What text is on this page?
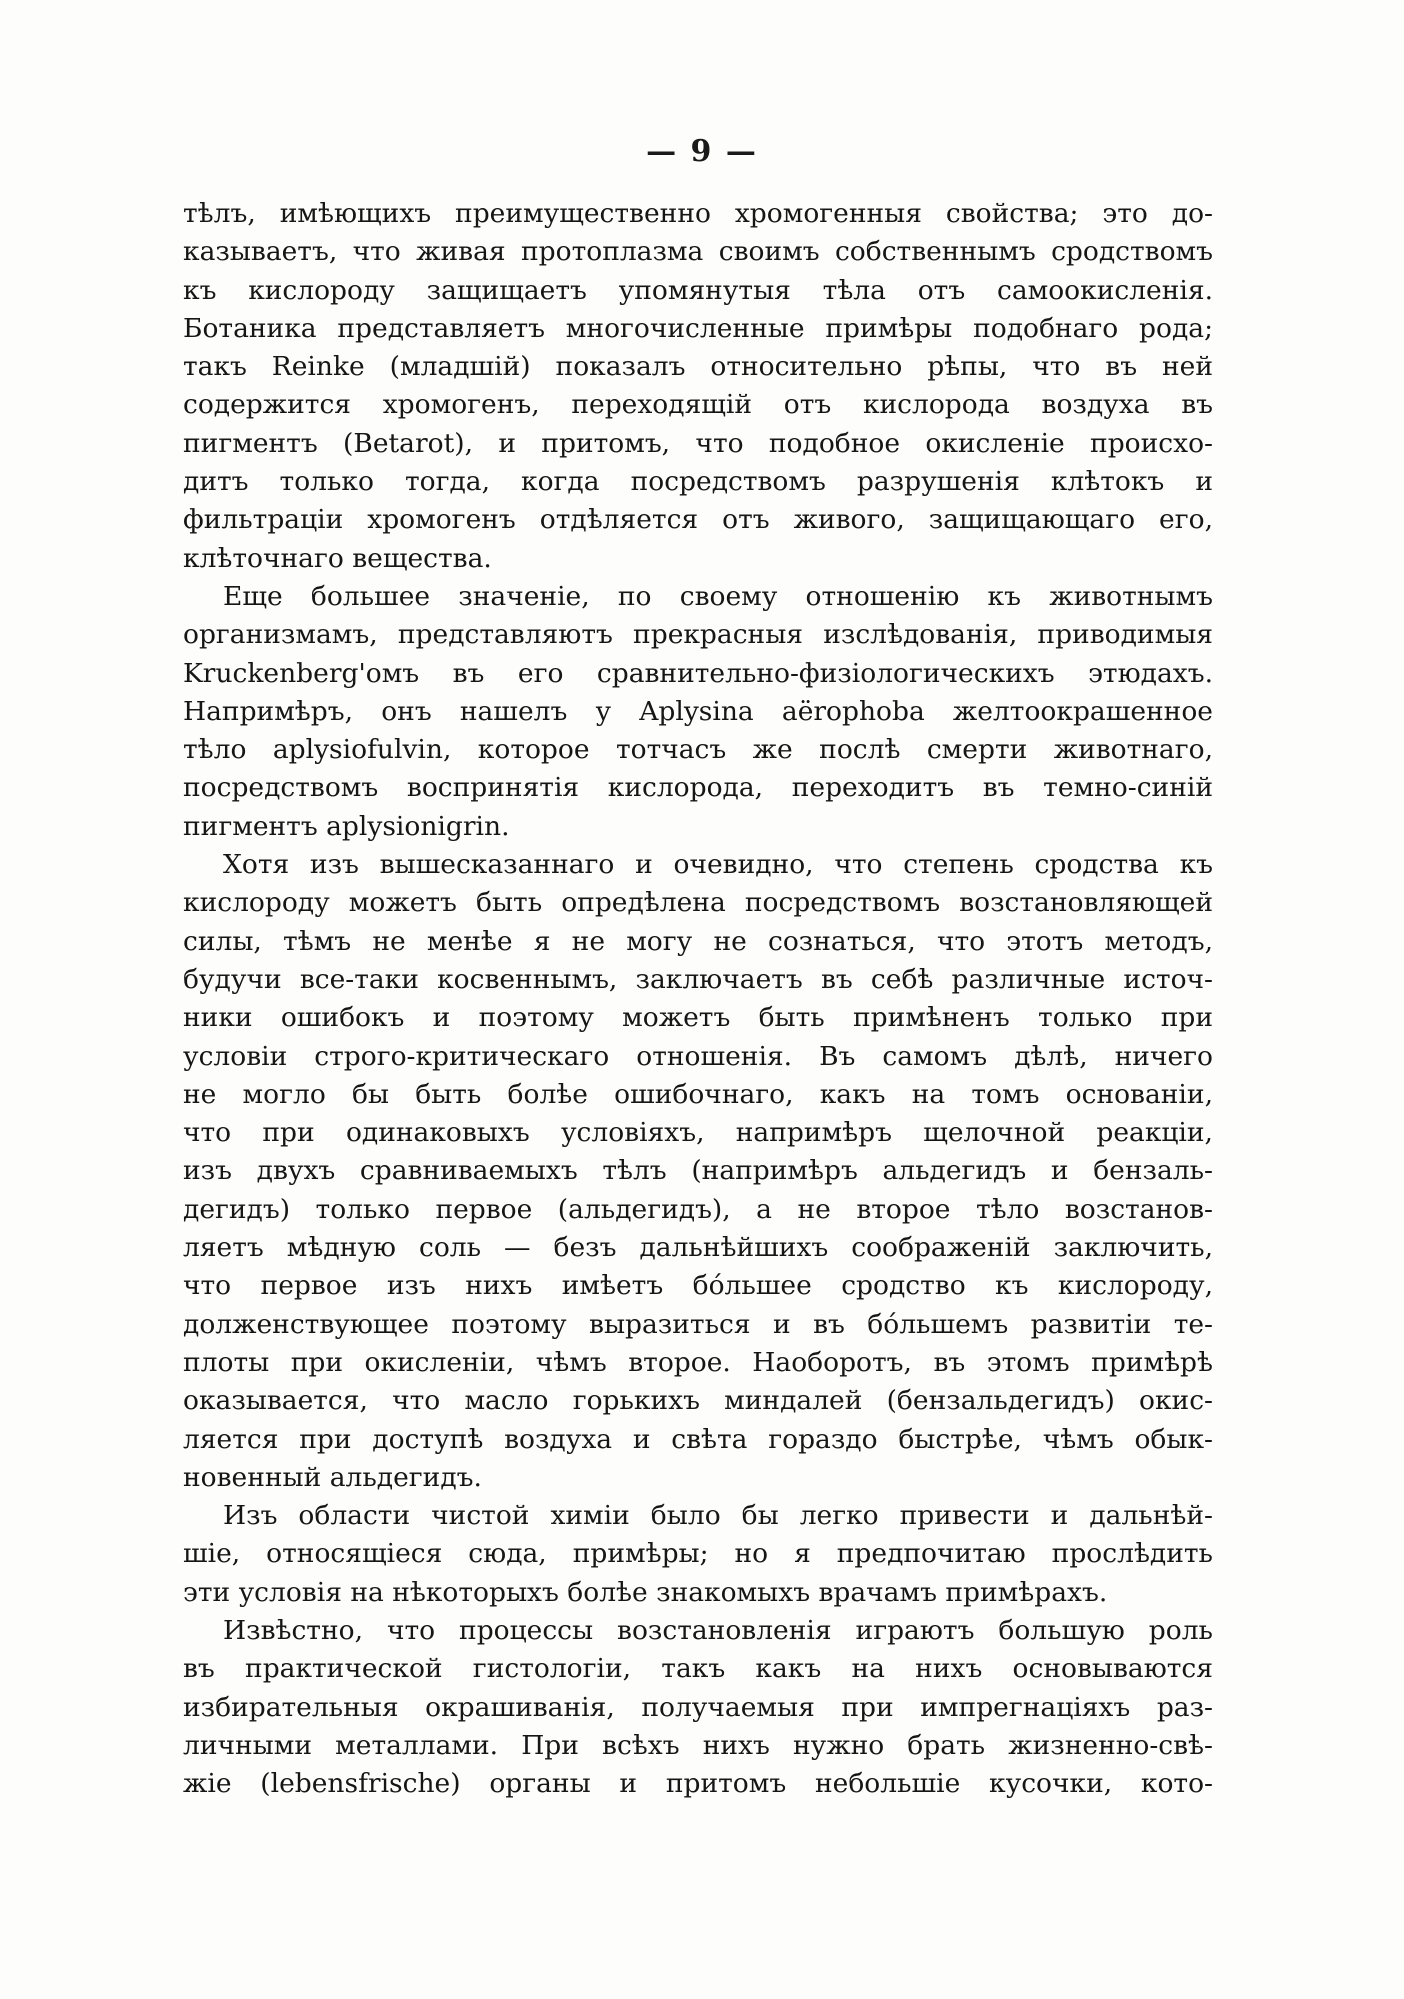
— 9 —
тѣлъ, имѣющихъ преимущественно хромогенныя свойства; это до-
казываетъ, что живая протоплазма своимъ собственнымъ сродствомъ
къ кислороду защищаетъ упомянутыя тѣла отъ самоокисленія.
Ботаника представляетъ многочисленные примѣры подобнаго рода;
такъ Reinke (младшій) показалъ относительно рѣпы, что въ ней
содержится хромогенъ, переходящій отъ кислорода воздуха въ
пигментъ (Betarot), и притомъ, что подобное окисленіе происхо-
дитъ только тогда, когда посредствомъ разрушенія клѣтокъ и
фильтраціи хромогенъ отдѣляется отъ живого, защищающаго его,
клѣточнаго вещества.
Еще большее значеніе, по своему отношенію къ животнымъ
организмамъ, представляютъ прекрасныя изслѣдованія, приводимыя
Kruckenberg'омъ въ его сравнительно-физіологическихъ этюдахъ.
Напримѣръ, онъ нашелъ у Aplysina aërophoba желтоокрашенное
тѣло aplysiofulvin, которое тотчасъ же послѣ смерти животнаго,
посредствомъ воспринятія кислорода, переходитъ въ темно-синій
пигментъ aplysionigrin.
Хотя изъ вышесказаннаго и очевидно, что степень сродства къ
кислороду можетъ быть опредѣлена посредствомъ возстановляющей
силы, тѣмъ не менѣе я не могу не сознаться, что этотъ методъ,
будучи все-таки косвеннымъ, заключаетъ въ себѣ различные источ-
ники ошибокъ и поэтому можетъ быть примѣненъ только при
условіи строго-критическаго отношенія. Въ самомъ дѣлѣ, ничего
не могло бы быть болѣе ошибочнаго, какъ на томъ основаніи,
что при одинаковыхъ условіяхъ, напримѣръ щелочной реакціи,
изъ двухъ сравниваемыхъ тѣлъ (напримѣръ альдегидъ и бензаль-
дегидъ) только первое (альдегидъ), а не второе тѣло возстанов-
ляетъ мѣдную соль — безъ дальнѣйшихъ соображеній заключить,
что первое изъ нихъ имѣетъ бо́льшее сродство къ кислороду,
долженствующее поэтому выразиться и въ бо́льшемъ развитіи те-
плоты при окисленіи, чѣмъ второе. Наоборотъ, въ этомъ примѣрѣ
оказывается, что масло горькихъ миндалей (бензальдегидъ) окис-
ляется при доступѣ воздуха и свѣта гораздо быстрѣе, чѣмъ обык-
новенный альдегидъ.
Изъ области чистой химіи было бы легко привести и дальнѣй-
шіе, относящіеся сюда, примѣры; но я предпочитаю прослѣдить
эти условія на нѣкоторыхъ болѣе знакомыхъ врачамъ примѣрахъ.
Извѣстно, что процессы возстановленія играютъ большую роль
въ практической гистологіи, такъ какъ на нихъ основываются
избирательныя окрашиванія, получаемыя при импрегнаціяхъ раз-
личными металлами. При всѣхъ нихъ нужно брать жизненно-свѣ-
жіе (lebensfrische) органы и притомъ небольшіе кусочки, кото-
